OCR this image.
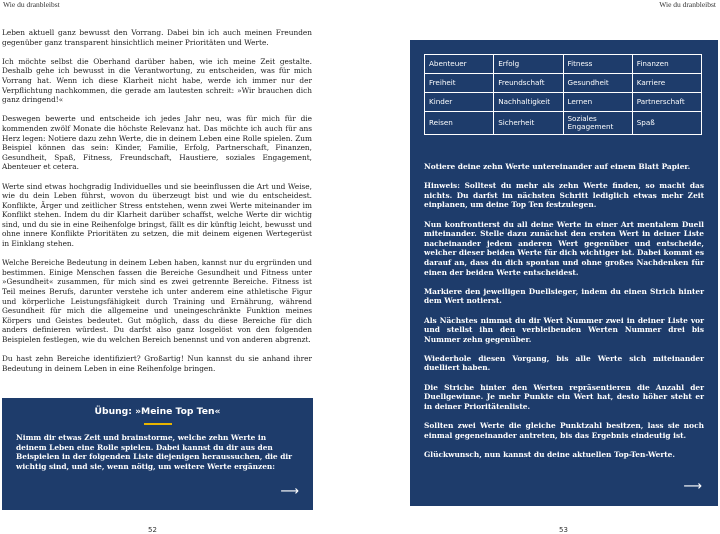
Wie du dranbleibst	Wie du dranbleibst

Leben aktuell ganz bewusst den Vorrang. Dabei bin ich auch meinen Freunden gegenüber ganz transparent hinsichtlich meiner Prioritäten und Werte.

Ich möchte selbst die Oberhand darüber haben, wie ich meine Zeit gestalte. Deshalb gehe ich bewusst in die Verantwortung, zu entscheiden, was für mich Vorrang hat. Wenn ich diese Klarheit nicht habe, werde ich immer nur der Verpflichtung nachkommen, die gerade am lautesten schreit: »Wir brauchen dich ganz dringend!«

Deswegen bewerte und entscheide ich jedes Jahr neu, was für mich für die kommenden zwölf Monate die höchste Relevanz hat. Das möchte ich auch für ans Herz legen: Notiere dazu zehn Werte, die in deinem Leben eine Rolle spielen. Zum Beispiel können das sein: Kinder, Familie, Erfolg, Partnerschaft, Finanzen, Gesundheit, Spaß, Fitness, Freundschaft, Haustiere, soziales Engagement, Abenteuer et cetera.

Werte sind etwas hochgradig Individuelles und sie beeinflussen die Art und Weise, wie du dein Leben führst, wovon du überzeugt bist und wie du entscheidest. Konflikte, Ärger und zeitlicher Stress entstehen, wenn zwei Werte miteinander im Konflikt stehen. Indem du dir Klarheit darüber schaffst, welche Werte dir wichtig sind, und du sie in eine Reihenfolge bringst, fällt es dir künftig leicht, bewusst und ohne innere Konflikte Prioritäten zu setzen, die mit deinem eigenen Wertegerüst in Einklang stehen.

Welche Bereiche Bedeutung in deinem Leben haben, kannst nur du ergründen und bestimmen. Einige Menschen fassen die Bereiche Gesundheit und Fitness unter »Gesundheit« zusammen, für mich sind es zwei getrennte Bereiche. Fitness ist Teil meines Berufs, darunter verstehe ich unter anderem eine athletische Figur und körperliche Leistungsfähigkeit durch Training und Ernährung, während Gesundheit für mich die allgemeine und uneingeschränkte Funktion meines Körpers und Geistes bedeutet. Gut möglich, dass du diese Bereiche für dich anders definieren würdest. Du darfst also ganz losgelöst von den folgenden Beispielen festlegen, wie du welchen Bereich benennst und von anderen abgrenzt.

Du hast zehn Bereiche identifiziert? Großartig! Nun kannst du sie anhand ihrer Bedeutung in deinem Leben in eine Reihenfolge bringen.

Übung: »Meine Top Ten«
Nimm dir etwas Zeit und brainstorme, welche zehn Werte in deinem Leben eine Rolle spielen. Dabei kannst du dir aus den Beispielen in der folgenden Liste diejenigen heraussuchen, die dir wichtig sind, und sie, wenn nötig, um weitere Werte ergänzen:
⟶
Abenteuer	Erfolg	Fitness	Finanzen
Freiheit	Freundschaft	Gesundheit	Karriere
Kinder	Nachhaltigkeit	Lernen	Partnerschaft
Reisen	Sicherheit	Soziales Engagement	Spaß

Notiere deine zehn Werte untereinander auf einem Blatt Papier.

Hinweis: Solltest du mehr als zehn Werte finden, so macht das nichts. Du darfst im nächsten Schritt lediglich etwas mehr Zeit einplanen, um deine Top Ten festzulegen.

Nun konfrontierst du all deine Werte in einer Art mentalem Duell miteinander. Stelle dazu zunächst den ersten Wert in deiner Liste nacheinander jedem anderen Wert gegenüber und entscheide, welcher dieser beiden Werte für dich wichtiger ist. Dabei kommt es darauf an, dass du dich spontan und ohne großes Nachdenken für einen der beiden Werte entscheidest.

Markiere den jeweiligen Duellsieger, indem du einen Strich hinter dem Wert notierst.

Als Nächstes nimmst du dir Wert Nummer zwei in deiner Liste vor und stellst ihn den verbleibenden Werten Nummer drei bis Nummer zehn gegenüber.

Wiederhole diesen Vorgang, bis alle Werte sich miteinander duelliert haben.

Die Striche hinter den Werten repräsentieren die Anzahl der Duellgewinne. Je mehr Punkte ein Wert hat, desto höher steht er in deiner Prioritätenliste.

Sollten zwei Werte die gleiche Punktzahl besitzen, lass sie noch einmal gegeneinander antreten, bis das Ergebnis eindeutig ist.

Glückwunsch, nun kannst du deine aktuellen Top-Ten-Werte.

⟶
52	53
